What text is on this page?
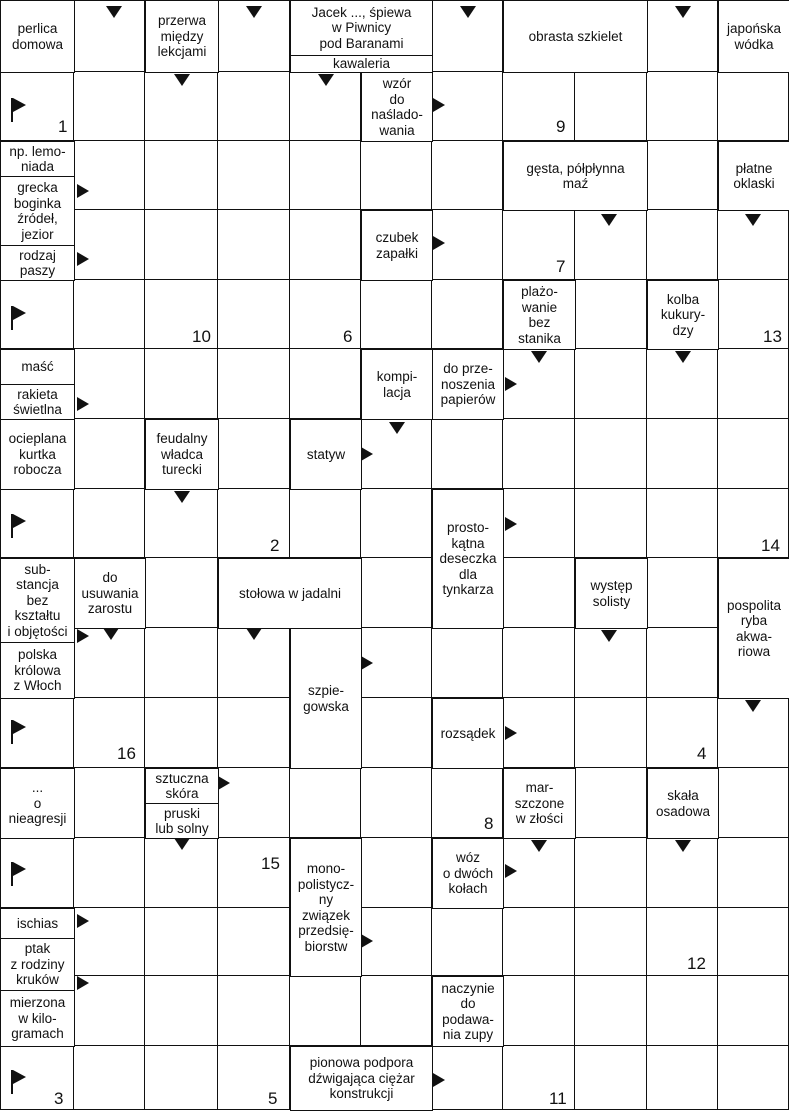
perlica
domowa
przerwa
między
lekcjami
Jacek ..., śpiewa
w Piwnicy
pod Baranami
kawaleria
obrasta szkielet
japońska
wódka
wzór
do
naślado-
wania
np. lemo-
niada
grecka
boginka
źródeł,
jezior
gęsta, półpłynna
maź
płatne
oklaski
czubek
zapałki
rodzaj
paszy
plażo-
wanie
bez
stanika
kolba
kukury-
dzy
maść
kompi-
lacja
do prze-
noszenia
papierów
rakieta
świetlna
ocieplana
kurtka
robocza
feudalny
władca
turecki
statyw
prosto-
kątna
deseczka
dla
tynkarza
sub-
stancja
bez
kształtu
i objętości
do
usuwania
zarostu
stołowa w jadalni
występ
solisty	pospolita
ryba
akwa-
riowa
polska
królowa
z Włoch	szpie-
gowska
rozsądek
...
o
nieagresji
sztuczna
skóra
pruski
lub solny
mar-
szczone
w złości
skała
osadowa
mono-
polistycz-
ny
związek
przedsię-
biorstw
wóz
o dwóch
kołach
ischias
ptak
z rodziny
kruków
mierzona
w kilo-
gramach
naczynie
do
podawa-
nia zupy
pionowa podpora
dźwigająca ciężar
konstrukcji
1	9
7
10	6	13
2	14
16	4
8
15
12
3	5	11
